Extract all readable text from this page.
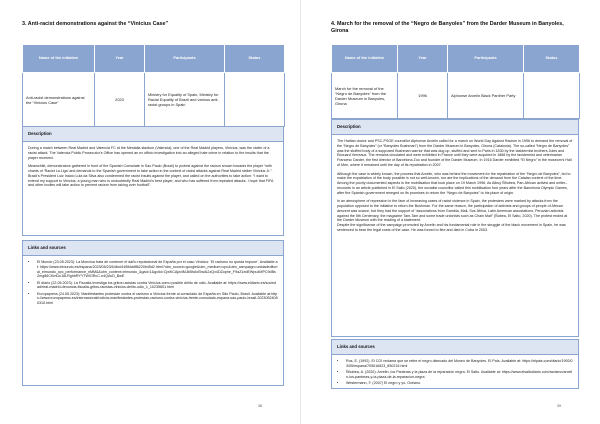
3. Anti-racist demonstrations against the “Vinicius Case”
Name of the initiative	Year	Participants	Status
Anti-racist demonstrations against the “Vinicius Case”	2023	Ministry for Equality of Spain, Ministry for Racial Equality of Brazil and various anti-racist groups in Spain	
Description

During a match between Real Madrid and Valencia FC at the Mestalla stadium (Valencia), one of the Real Madrid players, Vinicius, was the victim of a racist attack. The Valencia Public Prosecutor’s Office has opened an ex officio investigation into an alleged hate crime in relation to the insults that the player received.

Meanwhile, demonstrators gathered in front of the Spanish Consulate in Sao Paulo (Brazil) to protest against the racism shown towards the player “with chants of ‘Racist La Liga’ and demands to the Spanish government to take action in the context of racist attacks against Real Madrid striker Vinicius Jr.”. Brazil’s President Luiz Inacio Lula da Silva also condemned the racist insults against the player, and called on the authorities to take action: “I want to extend my support to Vinicius, a young man who is undoubtedly Real Madrid’s best player, and who has suffered from repeated attacks. I hope that FIFA and other bodies will take action to prevent racism from taking over football”.

Links and sources
• El Mundo (23.05.2023): La Moncloa trata de contener el daño reputacional de España por el caso Vinícius: ‘El racismo no queda impune’. Available at: https://www.elmundo.es/espana/2023/05/23/646cb165fdddff6220b45d2.html?utm_source=google&utm_medium=cpc&utm_campaign=unidadeditorial_elmundo_cpc_performance_nMM&&utm_content=elmundo_&gad=1&gclid=CjwKCAjw4MJkBhAvEiwAI2zQv4DZophe_F9aZ1edEWpu4MPC9dBsZmg86CKmDo18LRghbRYYTWIGRcC-n4QAvD_BwE
• El diario (22.05.2023): La Fiscalía investiga los gritos racistas contra Vinicius como posible delito de odio. Available at: https://www.eldiario.es/sociedad/real-madrid-denuncia-fiscalia-gritos-racistas-vinicius-delito-odio_1_10235651.html
• Europapress (24.05.2023): Manifestantes protestan contra el racismo a Vinicius frente al consulado de España en São Paulo, Brasil. Available at:https://www.europapress.es/internacional/noticia-manifestantes-protestan-racismo-contra-vinicius-frente-consulado-espana-sao-paulo-brasil-20230524080310.html
38
4. March for the removal of the “Negro de Banyoles” from the Darder Museum in Banyoles, Girona
Name of the initiative	Year	Participants	Status
March for the removal of the “Negro de Banyoles” from the Darder Museum in Banyoles, Girona	1996	Alphonse Arcelin Black Panther Party	
Description

The Haitian doctor and PSC-PSOE councillor Alphonse Arcelin called for a march on World Day Against Racism in 1996 to demand the removal of the “Negro de Banyoles” (or “Banyoles Bushman”) from the Darder Museum in Banyoles, Girona (Catalonia). The so-called “Negro de Banyoles” was the stuffed body of a supposed Bushman warrior that was dug up, stuffed and sent to Paris in 1830 by the taxidermist brothers Jules and Édouard Verreaux. The remains circulated and were exhibited in France until they were acquired in 1888 by the taxidermist and veterinarian Francesc Darder, the first director of Barcelona Zoo and founder of the Darder Museum. In 1916 Darder exhibited “El Negro” in the museum’s Hall of Men, where it remained until the day of its repatriation in 2007.

Although the case is widely known, the process that Arcelin, who was behind the movement for the repatriation of the “Negro de Banyoles”, led to make the expatriation of the body possible is not so well-known, nor are the implications of the demand from the Catalan context of the time. Among the poorly documented aspects is the mobilisation that took place on 19 March 1996. As Albuy Ññubea, Pan-African activist and writer– recounts in an article published in El Salto (2020), the socialist councillor called this mobilisation four years after the Barcelona Olympic Games, after the Spanish government reneged on its promises to return the “Negro de Banyoles” to his place of origin.

In an atmosphere of repression in the face of increasing cases of racist violence in Spain, the protesters were marked by attacks from the population opposed to the initiative to return the Bushman. For the same reason, the participation of activists and groups of people of African descent was scarce, but they had the support of “associations from Gambia, Mali, Sos África, Latin American associations, Peruvian activists against the 5th Centenary, the magazine Tam-Tam and some trade unionists such as Chain Mali” (Ñubea, El Salto, 2020). The protest ended at the Darder Museum with the reading of a statement.

Despite the significance of the campaign promoted by Arcelin and his fundamental role in the struggle of the black movement in Spain, he was sentenced to bear the legal costs of the case. He was forced to flee and died in Cuba in 2003.

Links and sources
• Ros, E. (1992). El COI reclama que se retire el negro disecado del Museo de Banyoles. El País. Available at: https://elpais.com/diario/1992/03/05/espana/705016823_850215.html
• Ñhubea, A. (2020): Arcelin, los Panteras y la plaza de la reparación negra. El Salto. Available at: https://www.elsaltodiario.com/racismo/arcelin-los-panteras-y-la-plaza-de-la-reparacion-negra
• Westermann, F. (2007) El negro y yo. Océano.
39
